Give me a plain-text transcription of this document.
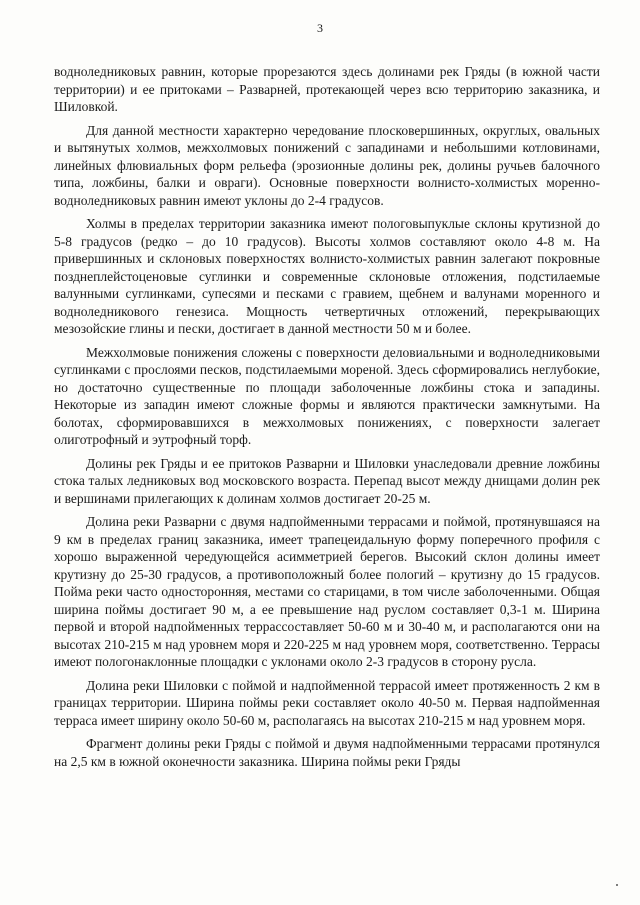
3

водноледниковых равнин, которые прорезаются здесь долинами рек Гряды (в южной части территории) и ее притоками – Разварней, протекающей через всю территорию заказника, и Шиловкой.

Для данной местности характерно чередование плосковершинных, округлых, овальных и вытянутых холмов, межхолмовых понижений с западинами и небольшими котловинами, линейных флювиальных форм рельефа (эрозионные долины рек, долины ручьев балочного типа, ложбины, балки и овраги). Основные поверхности волнисто-холмистых моренно-водноледниковых равнин имеют уклоны до 2-4 градусов.

Холмы в пределах территории заказника имеют пологовыпуклые склоны крутизной до 5-8 градусов (редко – до 10 градусов). Высоты холмов составляют около 4-8 м. На привершинных и склоновых поверхностях волнисто-холмистых равнин залегают покровные позднеплейстоценовые суглинки и современные склоновые отложения, подстилаемые валунными суглинками, супесями и песками с гравием, щебнем и валунами моренного и водноледникового генезиса. Мощность четвертичных отложений, перекрывающих мезозойские глины и пески, достигает в данной местности 50 м и более.

Межхолмовые понижения сложены с поверхности деловиальными и водноледниковыми суглинками с прослоями песков, подстилаемыми мореной. Здесь сформировались неглубокие, но достаточно существенные по площади заболоченные ложбины стока и западины. Некоторые из западин имеют сложные формы и являются практически замкнутыми. На болотах, сформировавшихся в межхолмовых понижениях, с поверхности залегает олиготрофный и эутрофный торф.

Долины рек Гряды и ее притоков Разварни и Шиловки унаследовали древние ложбины стока талых ледниковых вод московского возраста. Перепад высот между днищами долин рек и вершинами прилегающих к долинам холмов достигает 20-25 м.

Долина реки Разварни с двумя надпойменными террасами и поймой, протянувшаяся на 9 км в пределах границ заказника, имеет трапецеидальную форму поперечного профиля с хорошо выраженной чередующейся асимметрией берегов. Высокий склон долины имеет крутизну до 25-30 градусов, а противоположный более пологий – крутизну до 15 градусов. Пойма реки часто односторонняя, местами со старицами, в том числе заболоченными. Общая ширина поймы достигает 90 м, а ее превышение над руслом составляет 0,3-1 м. Ширина первой и второй надпойменных террассоставляет 50-60 м и 30-40 м, и располагаются они на высотах 210-215 м над уровнем моря и 220-225 м над уровнем моря, соответственно. Террасы имеют пологонаклонные площадки с уклонами около 2-3 градусов в сторону русла.

Долина реки Шиловки с поймой и надпойменной террасой имеет протяженность 2 км в границах территории. Ширина поймы реки составляет около 40-50 м. Первая надпойменная терраса имеет ширину около 50-60 м, располагаясь на высотах 210-215 м над уровнем моря.

Фрагмент долины реки Гряды с поймой и двумя надпойменными террасами протянулся на 2,5 км в южной оконечности заказника. Ширина поймы реки Гряды
